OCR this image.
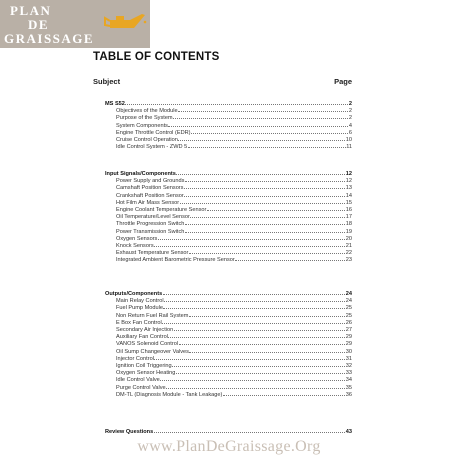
PLAN
DE
GRAISSAGE
TABLE OF CONTENTS
Subject	Page
MS S52	2
Objectives of the Module	2
Purpose of the System	2
System Components	4
Engine Throttle Control (EDR)	6
Cruise Control Operation	10
Idle Control System - ZWD 5	11
Input Signals/Components	12
Power Supply and Grounds	12
Camshaft Position Sensors	13
Crankshaft Position Sensor	14
Hot Film Air Mass Sensor	15
Engine Coolant Temperature Sensor	16
Oil Temperature/Level Sensor	17
Throttle Progression Switch	18
Power Transmission Switch	19
Oxygen Sensors	20
Knock Sensors	21
Exhaust Temperature Sensor	22
Integrated Ambient Barometric Pressure Sensor	23
Outputs/Components	24
Main Relay Control	24
Fuel Pump Module	25
Non Return Fuel Rail System	25
E Box Fan Control	26
Secondary Air Injection	27
Auxiliary Fan Control	29
VANOS Solenoid Control	29
Oil Sump Changeover Valves	30
Injector Control	31
Ignition Coil Triggering	32
Oxygen Sensor Heating	33
Idle Control Valve	34
Purge Control Valve	35
DM-TL (Diagnosis Module - Tank Leakage)	36
Review Questions	43
www.PlanDeGraissage.Org
